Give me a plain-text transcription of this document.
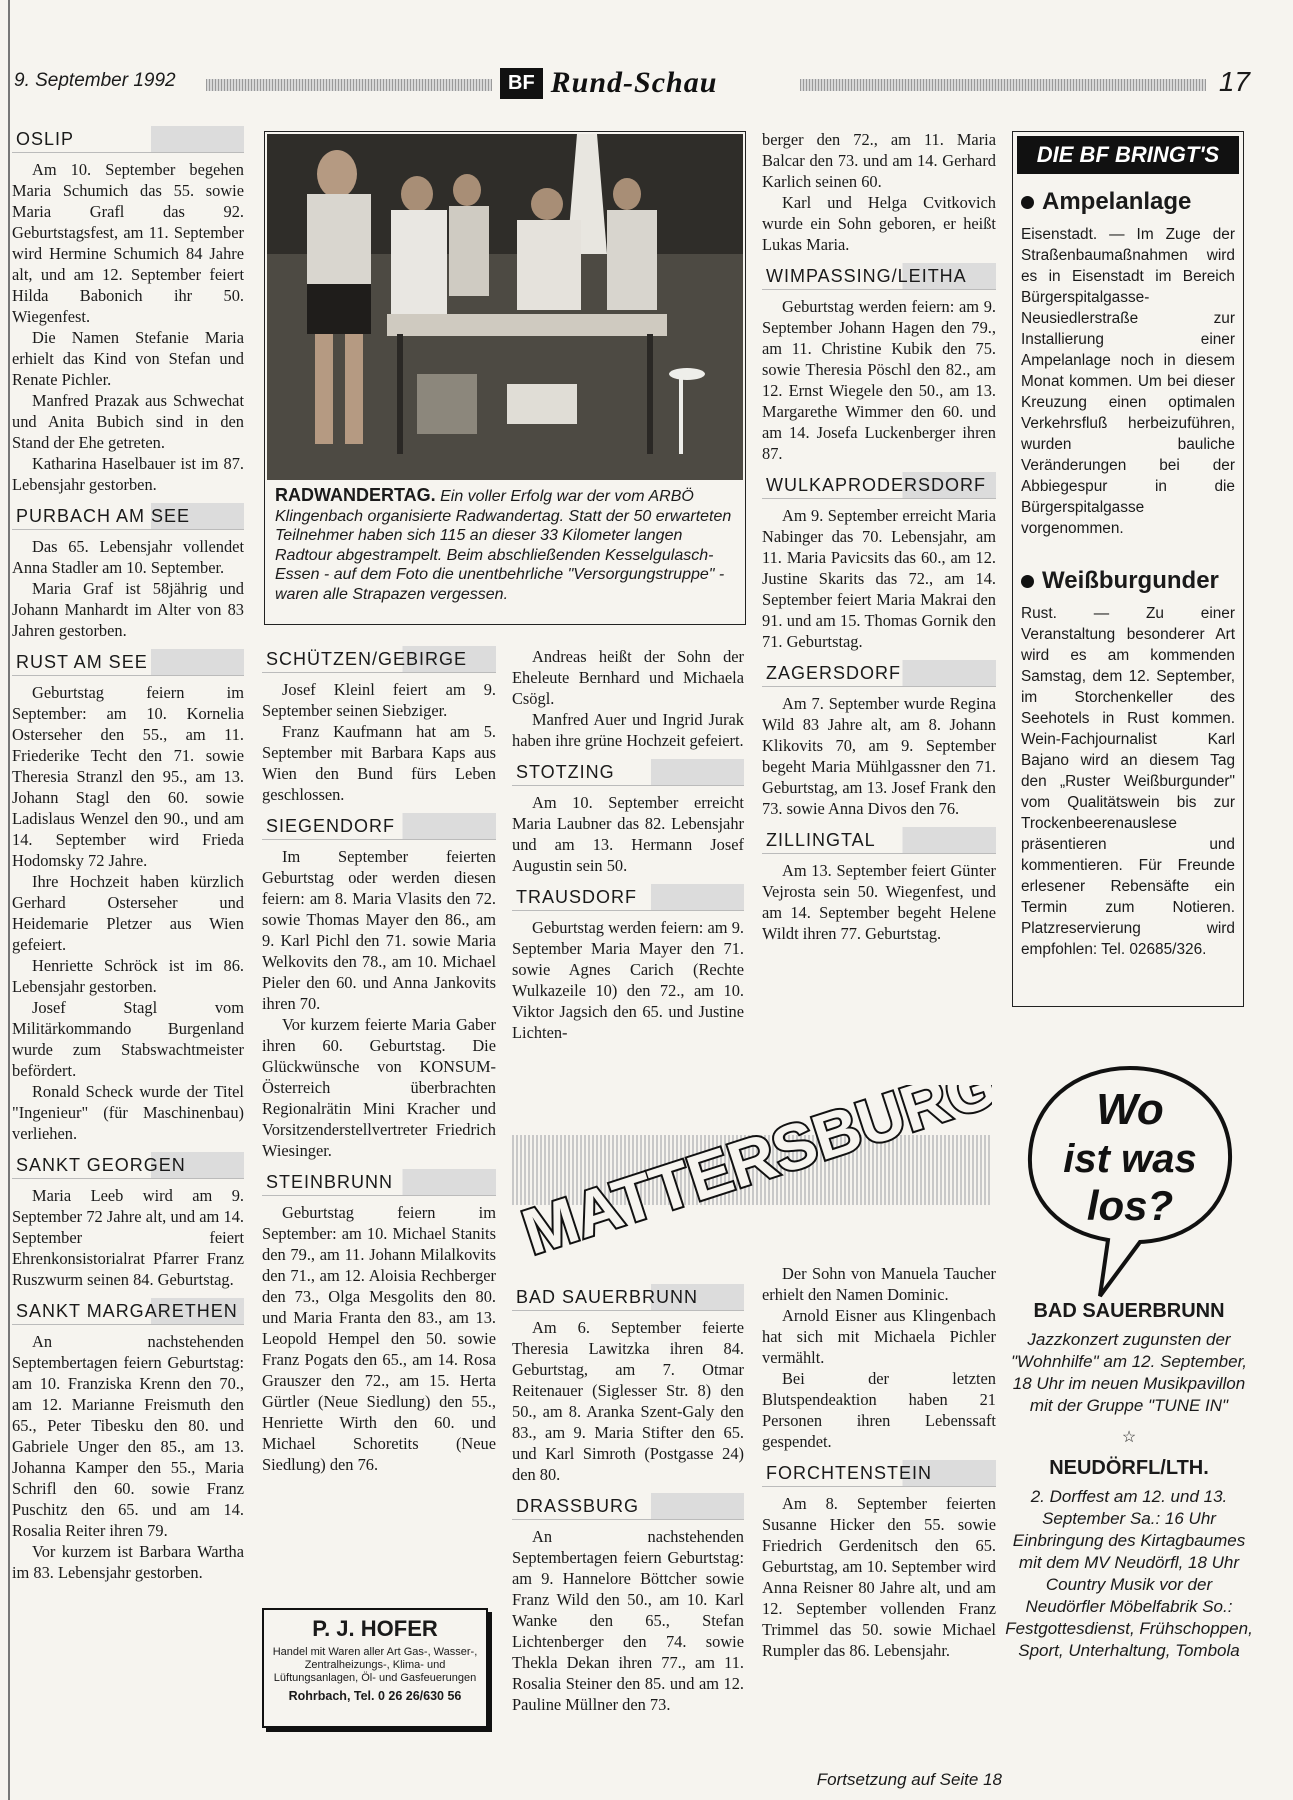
9. September 1992	BF Rund-Schau	17
OSLIP

Am 10. September begehen Maria Schumich das 55. sowie Maria Grafl das 92. Geburtstagsfest, am 11. September wird Hermine Schumich 84 Jahre alt, und am 12. September feiert Hilda Babonich ihr 50. Wiegenfest.

Die Namen Stefanie Maria erhielt das Kind von Stefan und Renate Pichler.

Manfred Prazak aus Schwechat und Anita Bubich sind in den Stand der Ehe getreten.

Katharina Haselbauer ist im 87. Lebensjahr gestorben.

PURBACH AM SEE

Das 65. Lebensjahr vollendet Anna Stadler am 10. September.

Maria Graf ist 58jährig und Johann Manhardt im Alter von 83 Jahren gestorben.

RUST AM SEE

Geburtstag feiern im September: am 10. Kornelia Osterseher den 55., am 11. Friederike Techt den 71. sowie Theresia Stranzl den 95., am 13. Johann Stagl den 60. sowie Ladislaus Wenzel den 90., und am 14. September wird Frieda Hodomsky 72 Jahre.

Ihre Hochzeit haben kürzlich Gerhard Osterseher und Heidemarie Pletzer aus Wien gefeiert.

Henriette Schröck ist im 86. Lebensjahr gestorben.

Josef Stagl vom Militärkommando Burgenland wurde zum Stabswachtmeister befördert.

Ronald Scheck wurde der Titel "Ingenieur" (für Maschinenbau) verliehen.

SANKT GEORGEN

Maria Leeb wird am 9. September 72 Jahre alt, und am 14. September feiert Ehrenkonsistorialrat Pfarrer Franz Ruszwurm seinen 84. Geburtstag.

SANKT MARGARETHEN

An nachstehenden Septembertagen feiern Geburtstag: am 10. Franziska Krenn den 70., am 12. Marianne Freismuth den 65., Peter Tibesku den 80. und Gabriele Unger den 85., am 13. Johanna Kamper den 55., Maria Schrifl den 60. sowie Franz Puschitz den 65. und am 14. Rosalia Reiter ihren 79.

Vor kurzem ist Barbara Wartha im 83. Lebensjahr gestorben.

RADWANDERTAG. Ein voller Erfolg war der vom ARBÖ Klingenbach organisierte Radwandertag. Statt der 50 erwarteten Teilnehmer haben sich 115 an dieser 33 Kilometer langen Radtour abgestrampelt. Beim abschließenden Kesselgulasch-Essen - auf dem Foto die unentbehrliche "Versorgungstruppe" - waren alle Strapazen vergessen.
SCHÜTZEN/GEBIRGE

Josef Kleinl feiert am 9. September seinen Siebziger.

Franz Kaufmann hat am 5. September mit Barbara Kaps aus Wien den Bund fürs Leben geschlossen.

SIEGENDORF

Im September feierten Geburtstag oder werden diesen feiern: am 8. Maria Vlasits den 72. sowie Thomas Mayer den 86., am 9. Karl Pichl den 71. sowie Maria Welkovits den 78., am 10. Michael Pieler den 60. und Anna Jankovits ihren 70.

Vor kurzem feierte Maria Gaber ihren 60. Geburtstag. Die Glückwünsche von KONSUM-Österreich überbrachten Regionalrätin Mini Kracher und Vorsitzenderstellvertreter Friedrich Wiesinger.

STEINBRUNN

Geburtstag feiern im September: am 10. Michael Stanits den 79., am 11. Johann Milalkovits den 71., am 12. Aloisia Rechberger den 73., Olga Mesgolits den 80. und Maria Franta den 83., am 13. Leopold Hempel den 50. sowie Franz Pogats den 65., am 14. Rosa Grauszer den 72., am 15. Herta Gürtler (Neue Siedlung) den 55., Henriette Wirth den 60. und Michael Schoretits (Neue Siedlung) den 76.

Andreas heißt der Sohn der Eheleute Bernhard und Michaela Csögl.

Manfred Auer und Ingrid Jurak haben ihre grüne Hochzeit gefeiert.

STOTZING

Am 10. September erreicht Maria Laubner das 82. Lebensjahr und am 13. Hermann Josef Augustin sein 50.

TRAUSDORF

Geburtstag werden feiern: am 9. September Maria Mayer den 71. sowie Agnes Carich (Rechte Wulkazeile 10) den 72., am 10. Viktor Jagsich den 65. und Justine Lichten-

berger den 72., am 11. Maria Balcar den 73. und am 14. Gerhard Karlich seinen 60.

Karl und Helga Cvitkovich wurde ein Sohn geboren, er heißt Lukas Maria.

WIMPASSING/LEITHA

Geburtstag werden feiern: am 9. September Johann Hagen den 79., am 11. Christine Kubik den 75. sowie Theresia Pöschl den 82., am 12. Ernst Wiegele den 50., am 13. Margarethe Wimmer den 60. und am 14. Josefa Luckenberger ihren 87.

WULKAPRODERSDORF

Am 9. September erreicht Maria Nabinger das 70. Lebensjahr, am 11. Maria Pavicsits das 60., am 12. Justine Skarits das 72., am 14. September feiert Maria Makrai den 91. und am 15. Thomas Gornik den 71. Geburtstag.

ZAGERSDORF

Am 7. September wurde Regina Wild 83 Jahre alt, am 8. Johann Klikovits 70, am 9. September begeht Maria Mühlgassner den 71. Geburtstag, am 13. Josef Frank den 73. sowie Anna Divos den 76.

ZILLINGTAL

Am 13. September feiert Günter Vejrosta sein 50. Wiegenfest, und am 14. September begeht Helene Wildt ihren 77. Geburtstag.

DIE BF BRINGT'S
Ampelanlage
Eisenstadt. — Im Zuge der Straßenbaumaßnahmen wird es in Eisenstadt im Bereich Bürgerspitalgasse-Neusiedlerstraße zur Installierung einer Ampelanlage noch in diesem Monat kommen. Um bei dieser Kreuzung einen optimalen Verkehrsfluß herbeizuführen, wurden bauliche Veränderungen bei der Abbiegespur in die Bürgerspitalgasse vorgenommen.
Weißburgunder
Rust. — Zu einer Veranstaltung besonderer Art wird es am kommenden Samstag, dem 12. September, im Storchenkeller des Seehotels in Rust kommen. Wein-Fachjournalist Karl Bajano wird an diesem Tag den „Ruster Weißburgunder" vom Qualitätswein bis zur Trockenbeerenauslese präsentieren und kommentieren. Für Freunde erlesener Rebensäfte ein Termin zum Notieren. Platzreservierung wird empfohlen: Tel. 02685/326.
MATTERSBURG
BAD SAUERBRUNN

Am 6. September feierte Theresia Lawitzka ihren 84. Geburtstag, am 7. Otmar Reitenauer (Siglesser Str. 8) den 50., am 8. Aranka Szent-Galy den 83., am 9. Maria Stifter den 65. und Karl Simroth (Postgasse 24) den 80.

DRASSBURG

An nachstehenden Septembertagen feiern Geburtstag: am 9. Hannelore Böttcher sowie Franz Wild den 50., am 10. Karl Wanke den 65., Stefan Lichtenberger den 74. sowie Thekla Dekan ihren 77., am 11. Rosalia Steiner den 85. und am 12. Pauline Müllner den 73.

Der Sohn von Manuela Taucher erhielt den Namen Dominic.

Arnold Eisner aus Klingenbach hat sich mit Michaela Pichler vermählt.

Bei der letzten Blutspendeaktion haben 21 Personen ihren Lebenssaft gespendet.

FORCHTENSTEIN

Am 8. September feierten Susanne Hicker den 55. sowie Friedrich Gerdenitsch den 65. Geburtstag, am 10. September wird Anna Reisner 80 Jahre alt, und am 12. September vollenden Franz Trimmel das 50. sowie Michael Rumpler das 86. Lebensjahr.

Fortsetzung auf Seite 18
Wo
ist was
los?
BAD SAUERBRUNN
Jazzkonzert zugunsten der "Wohnhilfe" am 12. September, 18 Uhr im neuen Musikpavillon mit der Gruppe "TUNE IN"
☆
NEUDÖRFL/LTH.
2. Dorffest am 12. und 13. September Sa.: 16 Uhr Einbringung des Kirtagbaumes mit dem MV Neudörfl, 18 Uhr Country Musik vor der Neudörfler Möbelfabrik So.: Festgottesdienst, Frühschoppen, Sport, Unterhaltung, Tombola
P. J. HOFER
Handel mit Waren aller Art Gas-, Wasser-, Zentralheizungs-, Klima- und Lüftungsanlagen, Öl- und Gasfeuerungen
Rohrbach, Tel. 0 26 26/630 56
